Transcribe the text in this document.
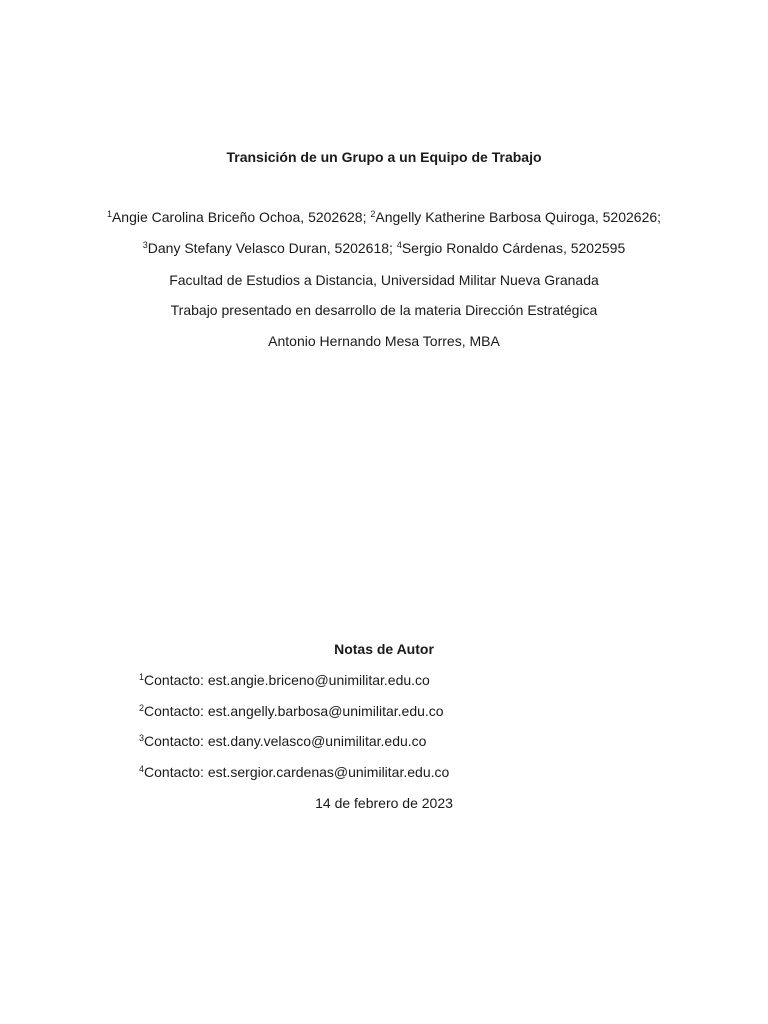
Transición de un Grupo a un Equipo de Trabajo
$^1$Angie Carolina Briceño Ochoa, 5202628; $^2$Angelly Katherine Barbosa Quiroga, 5202626;
$^3$Dany Stefany Velasco Duran, 5202618; $^4$Sergio Ronaldo Cárdenas, 5202595
Facultad de Estudios a Distancia, Universidad Militar Nueva Granada
Trabajo presentado en desarrollo de la materia Dirección Estratégica
Antonio Hernando Mesa Torres, MBA
Notas de Autor
$^1$Contacto: est.angie.briceno@unimilitar.edu.co
$^2$Contacto: est.angelly.barbosa@unimilitar.edu.co
$^3$Contacto: est.dany.velasco@unimilitar.edu.co
$^4$Contacto: est.sergior.cardenas@unimilitar.edu.co
14 de febrero de 2023
